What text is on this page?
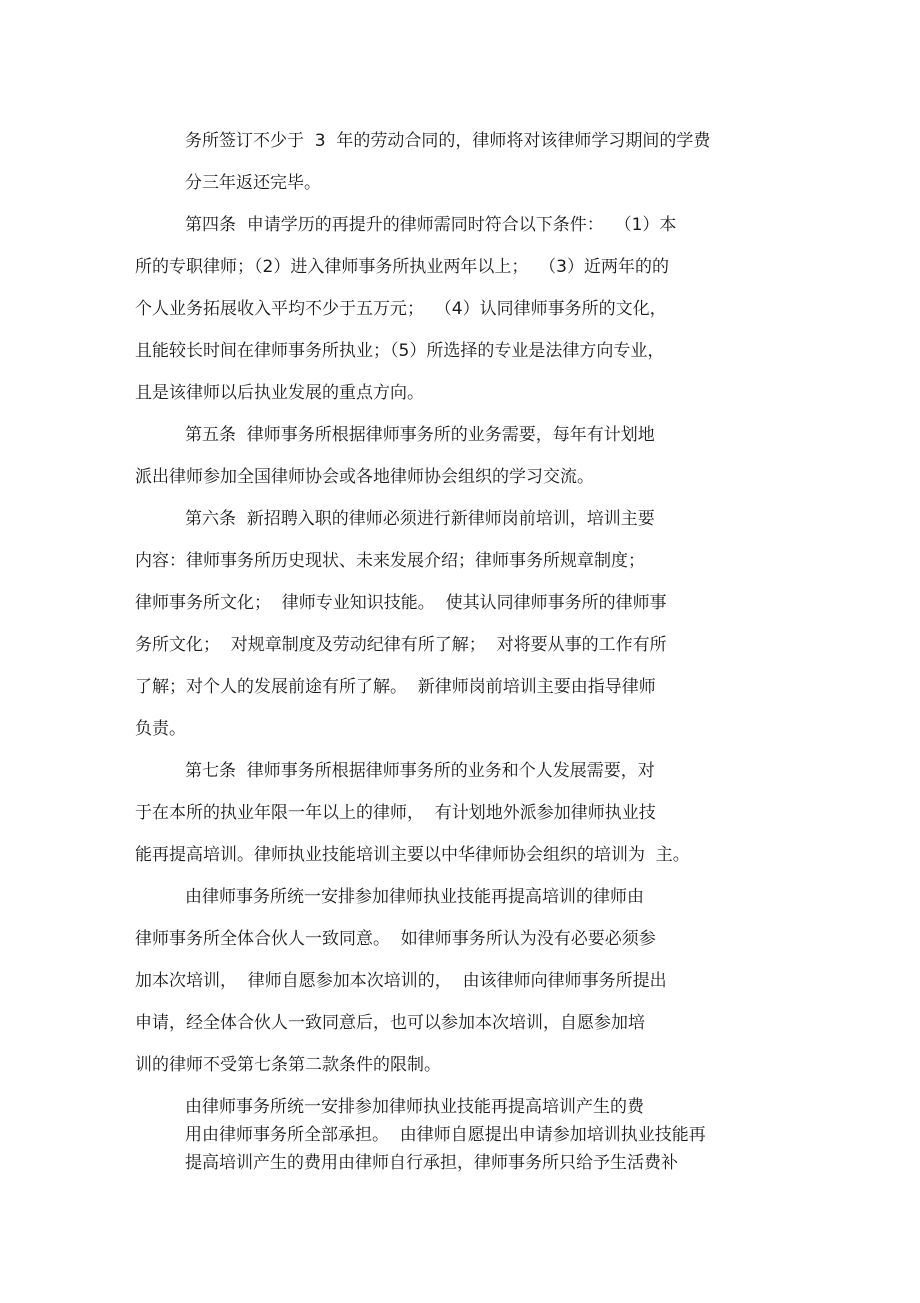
务所签订不少于  3  年的劳动合同的，律师将对该律师学习期间的学费
分三年返还完毕。
第四条  申请学历的再提升的律师需同时符合以下条件：  （1）本
所的专职律师；（2）进入律师事务所执业两年以上；  （3）近两年的的
个人业务拓展收入平均不少于五万元；  （4）认同律师事务所的文化，
且能较长时间在律师事务所执业；（5）所选择的专业是法律方向专业，
且是该律师以后执业发展的重点方向。
第五条  律师事务所根据律师事务所的业务需要，每年有计划地
派出律师参加全国律师协会或各地律师协会组织的学习交流。
第六条  新招聘入职的律师必须进行新律师岗前培训，培训主要
内容：律师事务所历史现状、未来发展介绍；律师事务所规章制度；
律师事务所文化；  律师专业知识技能。  使其认同律师事务所的律师事
务所文化；  对规章制度及劳动纪律有所了解；  对将要从事的工作有所
了解；对个人的发展前途有所了解。  新律师岗前培训主要由指导律师
负责。
第七条  律师事务所根据律师事务所的业务和个人发展需要，对
于在本所的执业年限一年以上的律师，  有计划地外派参加律师执业技
能再提高培训。律师执业技能培训主要以中华律师协会组织的培训为  主。
由律师事务所统一安排参加律师执业技能再提高培训的律师由
律师事务所全体合伙人一致同意。  如律师事务所认为没有必要必须参
加本次培训，  律师自愿参加本次培训的，  由该律师向律师事务所提出
申请，经全体合伙人一致同意后，也可以参加本次培训，自愿参加培
训的律师不受第七条第二款条件的限制。
由律师事务所统一安排参加律师执业技能再提高培训产生的费
用由律师事务所全部承担。  由律师自愿提出申请参加培训执业技能再
提高培训产生的费用由律师自行承担，律师事务所只给予生活费补
